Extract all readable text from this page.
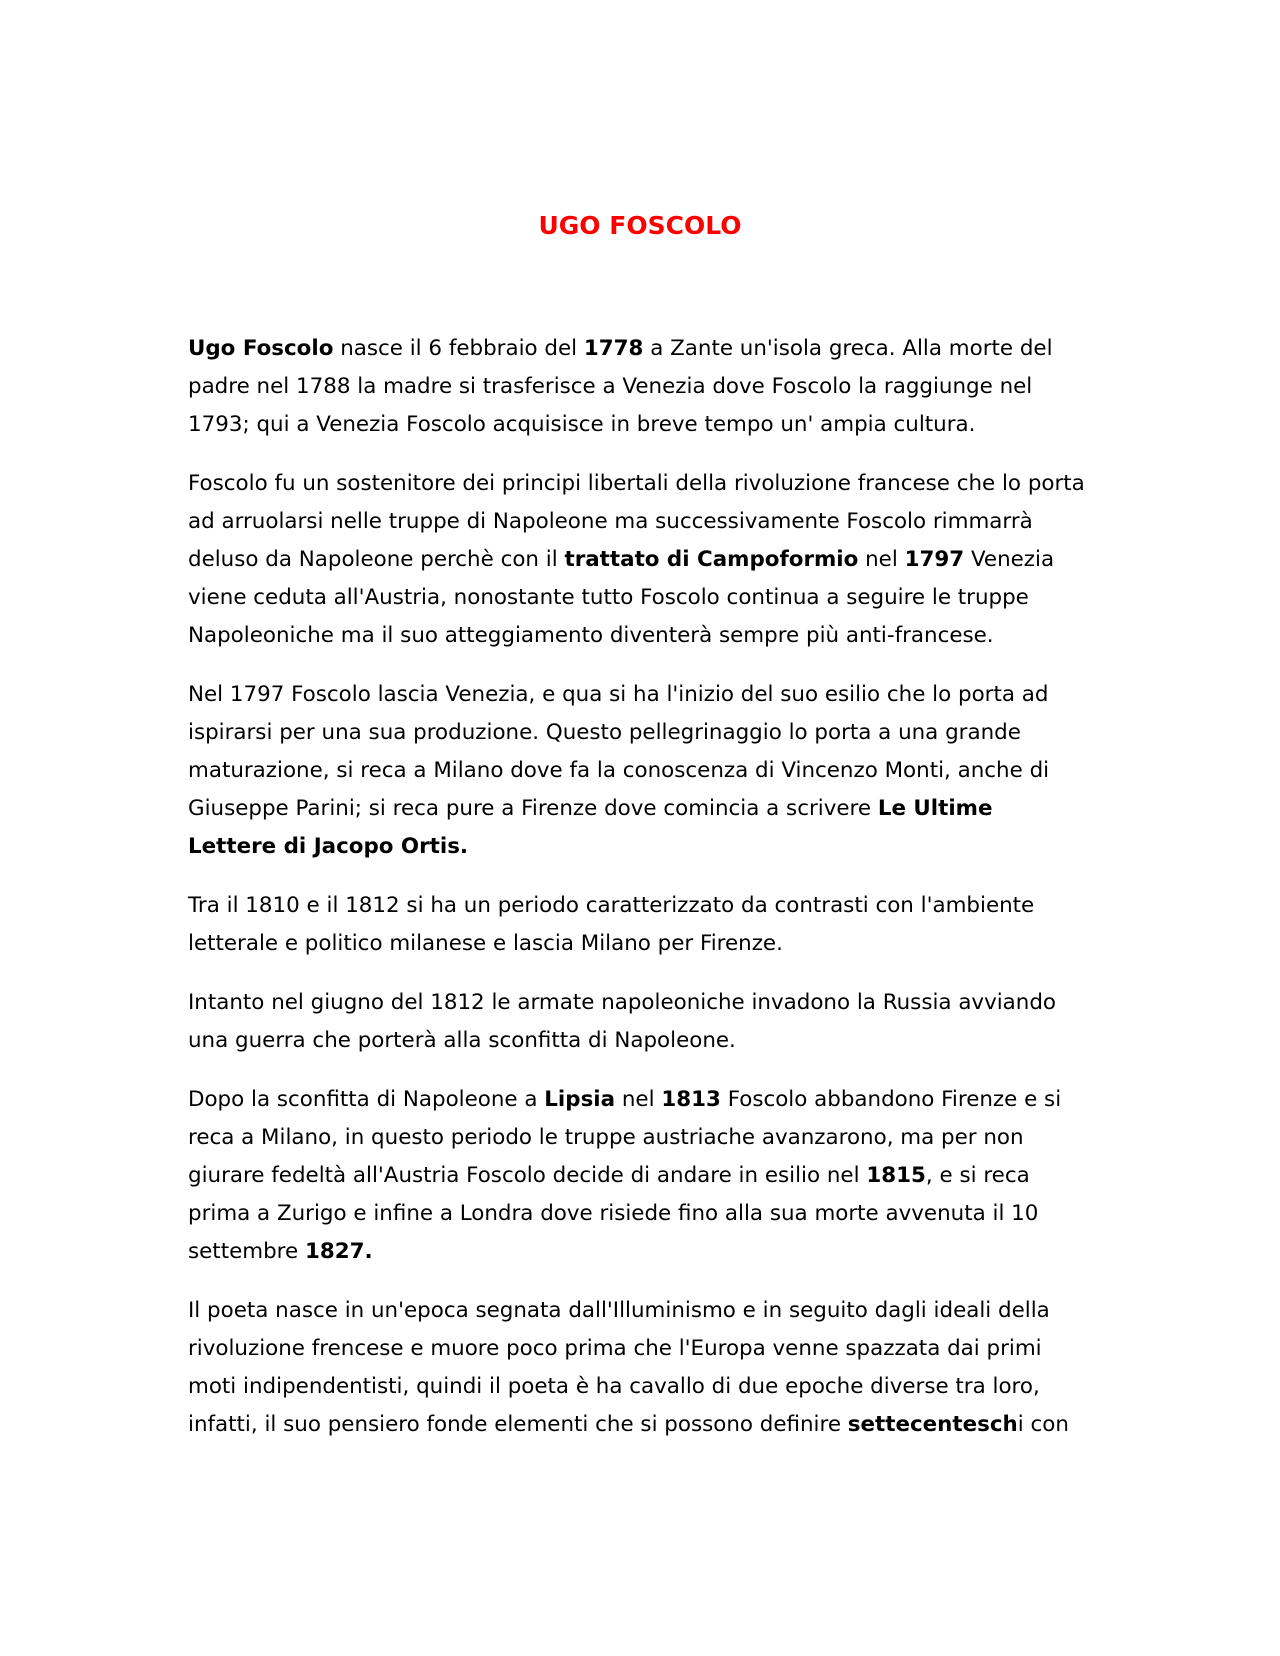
UGO FOSCOLO

Ugo Foscolo nasce il 6 febbraio del 1778 a Zante un'isola greca. Alla morte del padre nel 1788 la madre si trasferisce a Venezia dove Foscolo la raggiunge nel 1793; qui a Venezia Foscolo acquisisce in breve tempo un' ampia cultura.

Foscolo fu un sostenitore dei principi libertali della rivoluzione francese che lo porta ad arruolarsi nelle truppe di Napoleone ma successivamente Foscolo rimmarrà deluso da Napoleone perchè con il trattato di Campoformio nel 1797 Venezia viene ceduta all'Austria, nonostante tutto Foscolo continua a seguire le truppe Napoleoniche ma il suo atteggiamento diventerà sempre più anti-francese.

Nel 1797 Foscolo lascia Venezia, e qua si ha l'inizio del suo esilio che lo porta ad ispirarsi per una sua produzione. Questo pellegrinaggio lo porta a una grande maturazione, si reca a Milano dove fa la conoscenza di Vincenzo Monti, anche di Giuseppe Parini; si reca pure a Firenze dove comincia a scrivere Le Ultime Lettere di Jacopo Ortis.

Tra il 1810 e il 1812 si ha un periodo caratterizzato da contrasti con l'ambiente letterale e politico milanese e lascia Milano per Firenze.

Intanto nel giugno del 1812 le armate napoleoniche invadono la Russia avviando una guerra che porterà alla sconfitta di Napoleone.

Dopo la sconfitta di Napoleone a Lipsia nel 1813 Foscolo abbandono Firenze e si reca a Milano, in questo periodo le truppe austriache avanzarono, ma per non giurare fedeltà all'Austria Foscolo decide di andare in esilio nel 1815, e si reca prima a Zurigo e infine a Londra dove risiede fino alla sua morte avvenuta il 10 settembre 1827.

Il poeta nasce in un'epoca segnata dall'Illuminismo e in seguito dagli ideali della rivoluzione frencese e muore poco prima che l'Europa venne spazzata dai primi moti indipendentisti, quindi il poeta è ha cavallo di due epoche diverse tra loro, infatti, il suo pensiero fonde elementi che si possono definire settecenteschi con
